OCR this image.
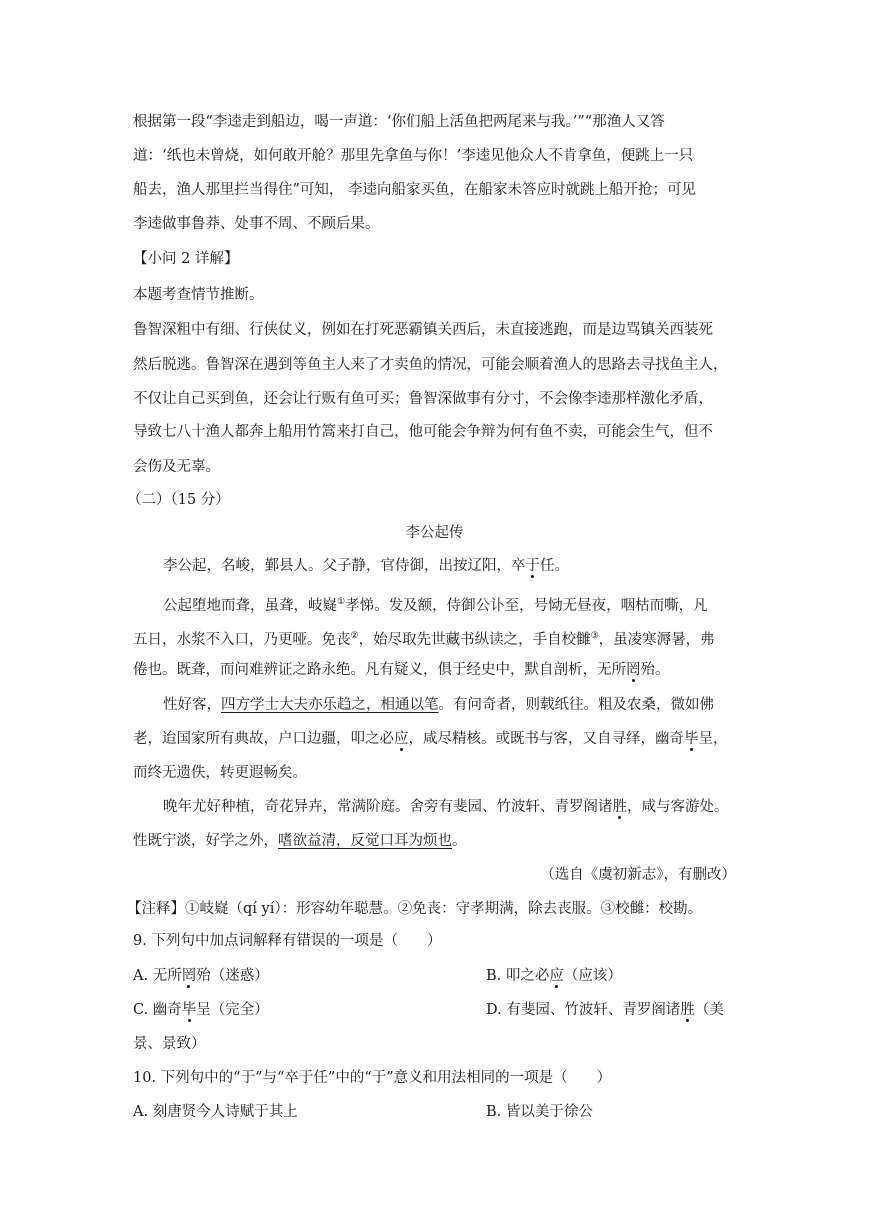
根据第一段“李逵走到船边，喝一声道：‘你们船上活鱼把两尾来与我。’”“那渔人又答
道：‘纸也未曾烧，如何敢开舱？那里先拿鱼与你！’李逵见他众人不肯拿鱼，便跳上一只
船去，渔人那里拦当得住”可知， 李逵向船家买鱼，在船家未答应时就跳上船开抢；可见
李逵做事鲁莽、处事不周、不顾后果。
【小问 2 详解】
本题考查情节推断。
鲁智深粗中有细、行侠仗义，例如在打死恶霸镇关西后，未直接逃跑，而是边骂镇关西装死
然后脱逃。鲁智深在遇到等鱼主人来了才卖鱼的情况，可能会顺着渔人的思路去寻找鱼主人，
不仅让自己买到鱼，还会让行贩有鱼可买；鲁智深做事有分寸，不会像李逵那样激化矛盾，
导致七八十渔人都奔上船用竹篙来打自己，他可能会争辩为何有鱼不卖，可能会生气，但不
会伤及无辜。
（二）（15 分）
李公起传
李公起，名峻，鄞县人。父子静，官侍御，出按辽阳，卒于任。
公起堕地而聋，虽聋，岐嶷①孝悌。发及额，侍御公讣至，号恸无昼夜，咽枯而嘶，凡
五日，水浆不入口，乃更哑。免丧②，始尽取先世藏书纵读之，手自校雠③，虽凌寒溽暑，弗
倦也。既聋，而问难辨证之路永绝。凡有疑义，俱于经史中，默自剖析，无所罔殆。
性好客，四方学士大夫亦乐趋之，相通以笔。有问奇者，则载纸往。粗及农桑，微如佛
老，迨国家所有典故，户口边疆，叩之必应，咸尽精核。或既书与客，又自寻绎，幽奇毕呈，
而终无遗佚，转更遐畅矣。
晚年尤好种植，奇花异卉，常满阶庭。舍旁有斐园、竹波轩、青罗阁诸胜，咸与客游处。
性既宁淡，好学之外，嗜欲益清，反觉口耳为烦也。
（选自《虞初新志》，有删改）
【注释】①岐嶷（qí yí）：形容幼年聪慧。②免丧：守孝期满，除去丧服。③校雠：校勘。
9. 下列句中加点词解释有错误的一项是（　　）
A. 无所罔殆（迷惑）	B. 叩之必应（应该）
C. 幽奇毕呈（完全）	D. 有斐园、竹波轩、青罗阁诸胜（美
景、景致）
10. 下列句中的“于”与“卒于任”中的“于”意义和用法相同的一项是（　　）
A. 刻唐贤今人诗赋于其上	B. 皆以美于徐公
